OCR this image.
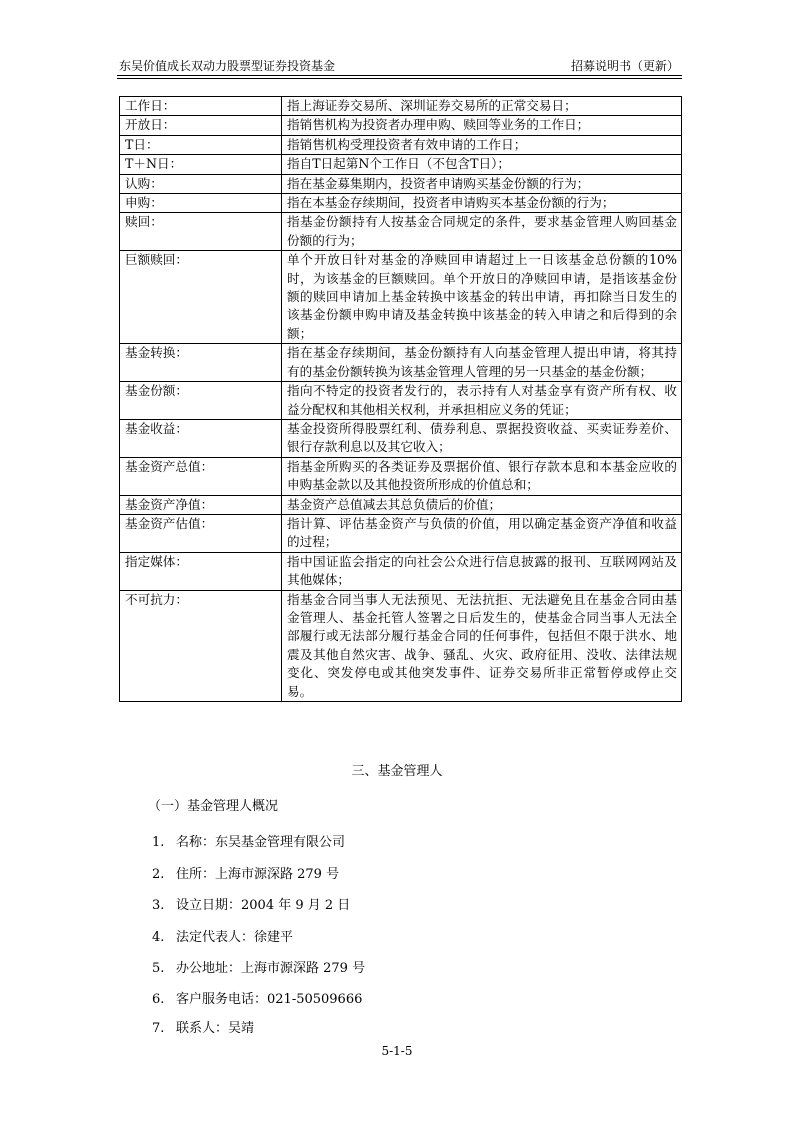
东吴价值成长双动力股票型证券投资基金	招募说明书（更新）
工作日：	指上海证券交易所、深圳证券交易所的正常交易日；
开放日：	指销售机构为投资者办理申购、赎回等业务的工作日；
T日：	指销售机构受理投资者有效申请的工作日；
T＋N日：	指自T日起第N个工作日（不包含T日）；
认购：	指在基金募集期内，投资者申请购买基金份额的行为；
申购：	指在本基金存续期间，投资者申请购买本基金份额的行为；
赎回：	指基金份额持有人按基金合同规定的条件，要求基金管理人购回基金份额的行为；
巨额赎回：	单个开放日针对基金的净赎回申请超过上一日该基金总份额的10%时，为该基金的巨额赎回。单个开放日的净赎回申请，是指该基金份额的赎回申请加上基金转换中该基金的转出申请，再扣除当日发生的该基金份额申购申请及基金转换中该基金的转入申请之和后得到的余额；
基金转换：	指在基金存续期间，基金份额持有人向基金管理人提出申请，将其持有的基金份额转换为该基金管理人管理的另一只基金的基金份额；
基金份额：	指向不特定的投资者发行的，表示持有人对基金享有资产所有权、收益分配权和其他相关权利，并承担相应义务的凭证；
基金收益：	基金投资所得股票红利、债券利息、票据投资收益、买卖证券差价、银行存款利息以及其它收入；
基金资产总值：	指基金所购买的各类证券及票据价值、银行存款本息和本基金应收的申购基金款以及其他投资所形成的价值总和；
基金资产净值：	基金资产总值减去其总负债后的价值；
基金资产估值：	指计算、评估基金资产与负债的价值，用以确定基金资产净值和收益的过程；
指定媒体：	指中国证监会指定的向社会公众进行信息披露的报刊、互联网网站及其他媒体；
不可抗力：	指基金合同当事人无法预见、无法抗拒、无法避免且在基金合同由基金管理人、基金托管人签署之日后发生的，使基金合同当事人无法全部履行或无法部分履行基金合同的任何事件，包括但不限于洪水、地震及其他自然灾害、战争、骚乱、火灾、政府征用、没收、法律法规变化、突发停电或其他突发事件、证券交易所非正常暂停或停止交易。
三、基金管理人
（一）基金管理人概况
1. 名称：东吴基金管理有限公司
2. 住所：上海市源深路 279 号
3. 设立日期：2004 年 9 月 2 日
4. 法定代表人：徐建平
5. 办公地址：上海市源深路 279 号
6. 客户服务电话：021-50509666
7. 联系人：吴靖
5-1-5
